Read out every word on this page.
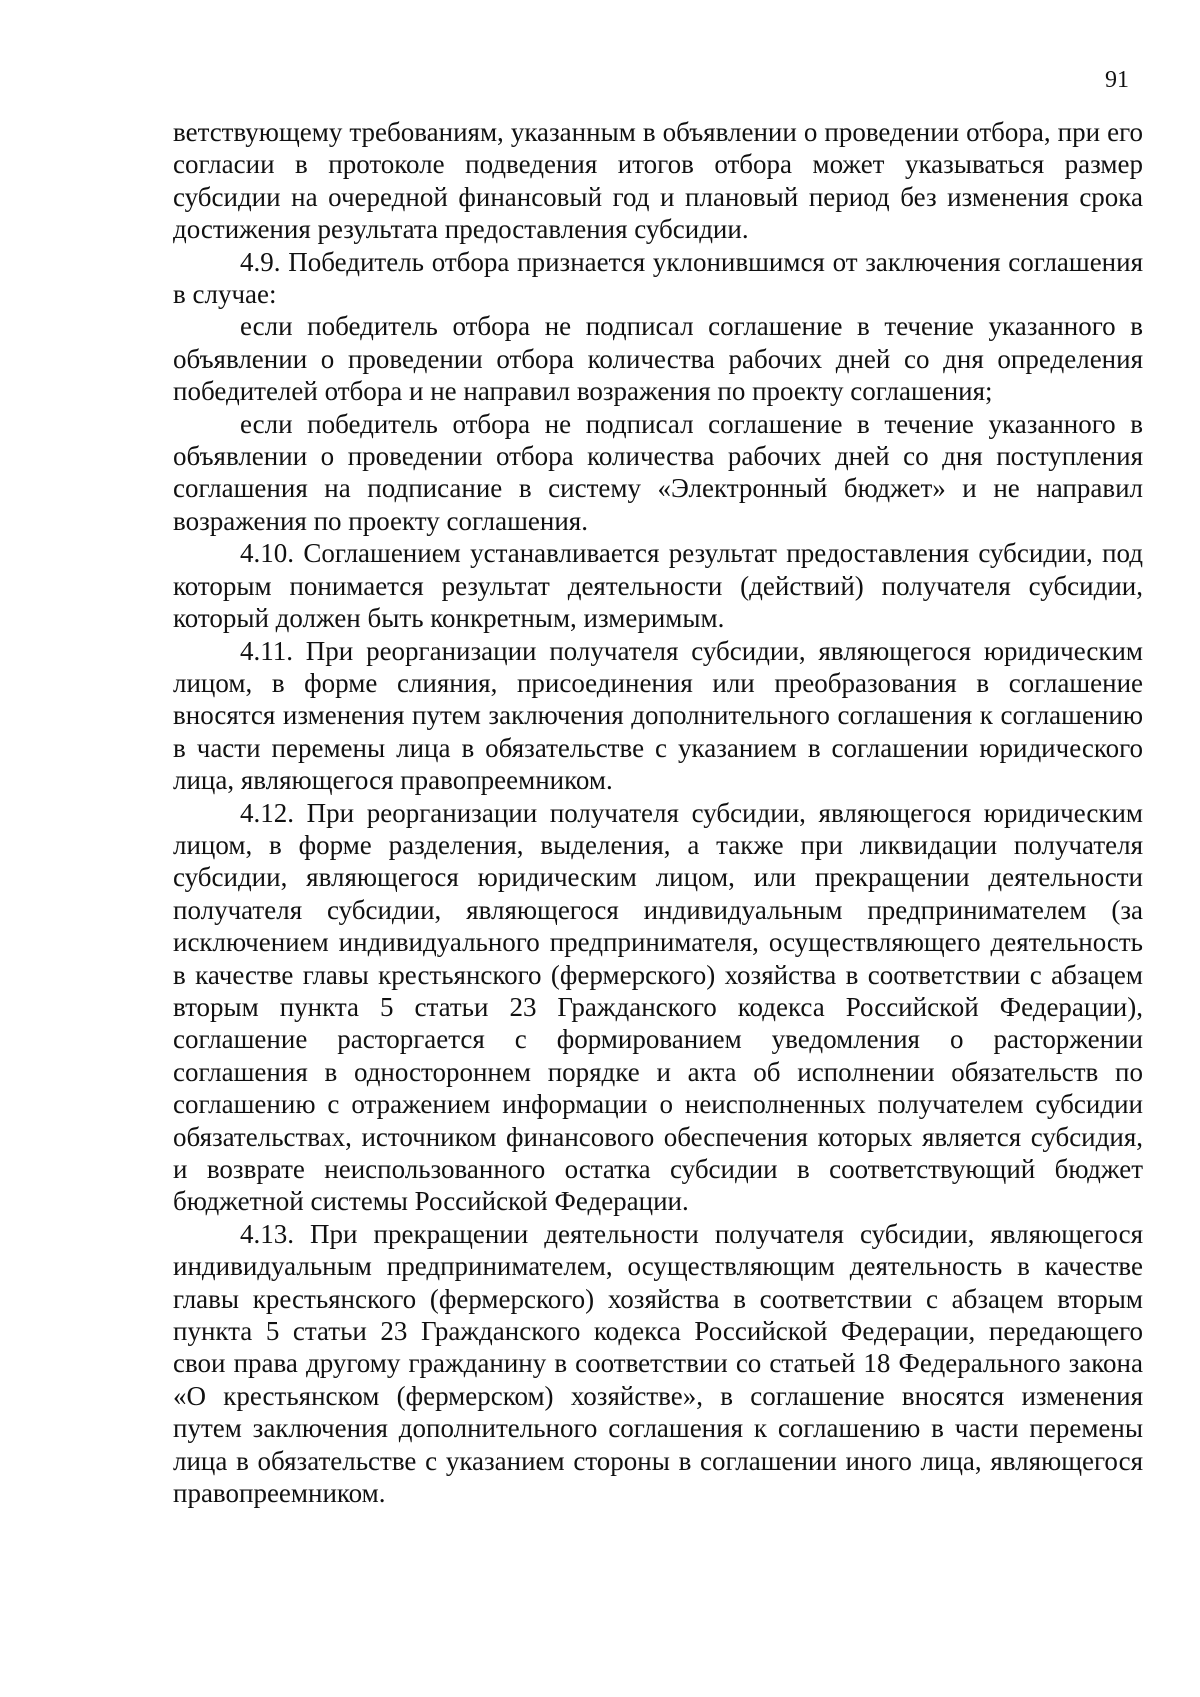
91

ветствующему требованиям, указанным в объявлении о проведении отбора, при его согласии в протоколе подведения итогов отбора может указываться размер субсидии на очередной финансовый год и плановый период без изменения срока достижения результата предоставления субсидии.

4.9. Победитель отбора признается уклонившимся от заключения соглашения в случае:

если победитель отбора не подписал соглашение в течение указанного в объявлении о проведении отбора количества рабочих дней со дня определения победителей отбора и не направил возражения по проекту соглашения;

если победитель отбора не подписал соглашение в течение указанного в объявлении о проведении отбора количества рабочих дней со дня поступления соглашения на подписание в систему «Электронный бюджет» и не направил возражения по проекту соглашения.

4.10. Соглашением устанавливается результат предоставления субсидии, под которым понимается результат деятельности (действий) получателя субсидии, который должен быть конкретным, измеримым.

4.11. При реорганизации получателя субсидии, являющегося юридическим лицом, в форме слияния, присоединения или преобразования в соглашение вносятся изменения путем заключения дополнительного соглашения к соглашению в части перемены лица в обязательстве с указанием в соглашении юридического лица, являющегося правопреемником.

4.12. При реорганизации получателя субсидии, являющегося юридическим лицом, в форме разделения, выделения, а также при ликвидации получателя субсидии, являющегося юридическим лицом, или прекращении деятельности получателя субсидии, являющегося индивидуальным предпринимателем (за исключением индивидуального предпринимателя, осуществляющего деятельность в качестве главы крестьянского (фермерского) хозяйства в соответствии с абзацем вторым пункта 5 статьи 23 Гражданского кодекса Российской Федерации), соглашение расторгается с формированием уведомления о расторжении соглашения в одностороннем порядке и акта об исполнении обязательств по соглашению с отражением информации о неисполненных получателем субсидии обязательствах, источником финансового обеспечения которых является субсидия, и возврате неиспользованного остатка субсидии в соответствующий бюджет бюджетной системы Российской Федерации.

4.13. При прекращении деятельности получателя субсидии, являющегося индивидуальным предпринимателем, осуществляющим деятельность в качестве главы крестьянского (фермерского) хозяйства в соответствии с абзацем вторым пункта 5 статьи 23 Гражданского кодекса Российской Федерации, передающего свои права другому гражданину в соответствии со статьей 18 Федерального закона «О крестьянском (фермерском) хозяйстве», в соглашение вносятся изменения путем заключения дополнительного соглашения к соглашению в части перемены лица в обязательстве с указанием стороны в соглашении иного лица, являющегося правопреемником.
